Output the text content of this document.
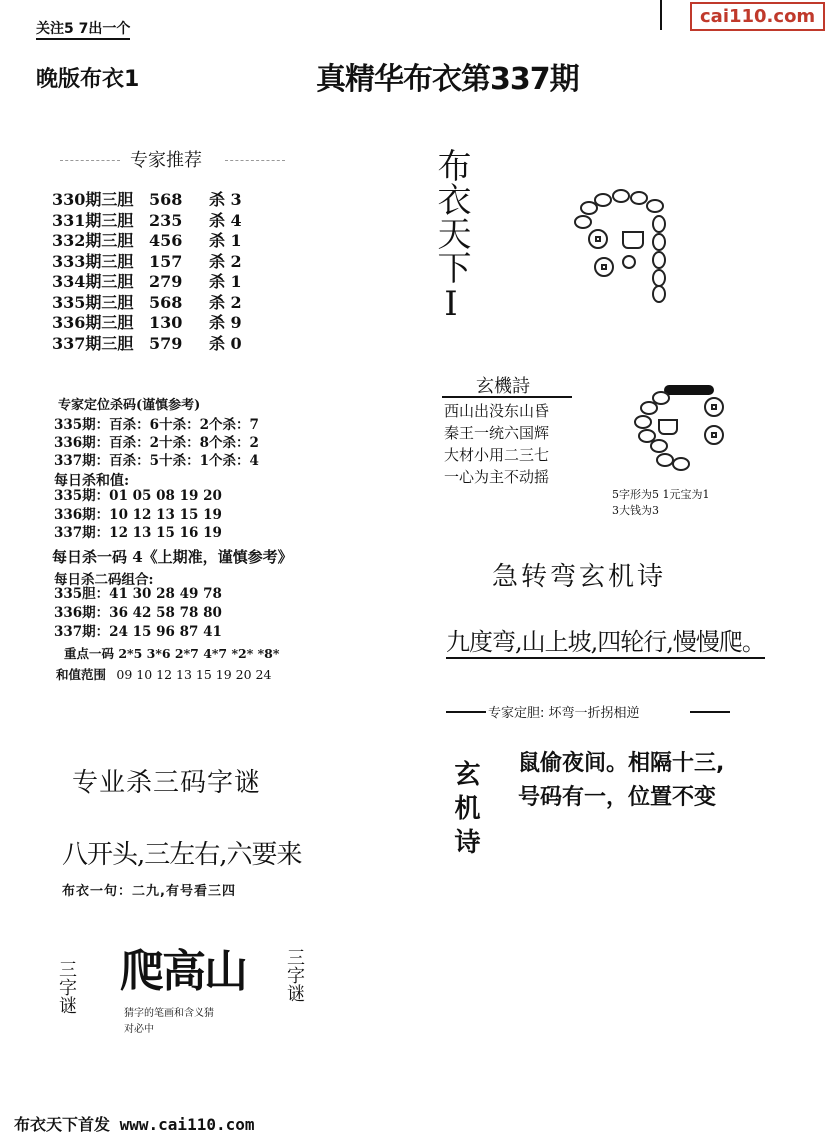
关注5 7出一个
晚版布衣1	真精华布衣第337期
cai110.com
专家推荐
330期三胆 568 杀 3
331期三胆 235 杀 4
332期三胆 456 杀 1
333期三胆 157 杀 2
334期三胆 279 杀 1
335期三胆 568 杀 2
336期三胆 130 杀 9
337期三胆 579 杀 0
专家定位杀码(谨慎参考)
335期：百杀：6十杀：2个杀：7
336期：百杀：2十杀：8个杀：2
337期：百杀：5十杀：1个杀：4
每日杀和值:
335期：01 05 08 19 20
336期：10 12 13 15 19
337期：12 13 15 16 19
每日杀一码 4《上期准，谨慎参考》
每日杀二码组合:
335胆：41 30 28 49 78
336期：36 42 58 78 80
337期：24 15 96 87 41
重点一码 2*5 3*6 2*7 4*7 *2* *8*
和值范围 09 10 12 13 15 19 20 24
专业杀三码字谜
八开头,三左右,六要来
布衣一句：二九,有号看三四
三字谜 爬高山 三字谜
猜字的笔画和含义猜
对必中
布衣天下Ⅰ
玄機詩
西山出没东山昏
秦王一统六国辉
大材小用二三七
一心为主不动摇
5字形为5 1元宝为1
3大钱为3
急转弯玄机诗
九度弯,山上坡,四轮行,慢慢爬。
专家定胆: 坏弯一折拐相逆
玄机诗 鼠偷夜间。相隔十三,
号码有一，位置不变
布衣天下首发 www.cai110.com
